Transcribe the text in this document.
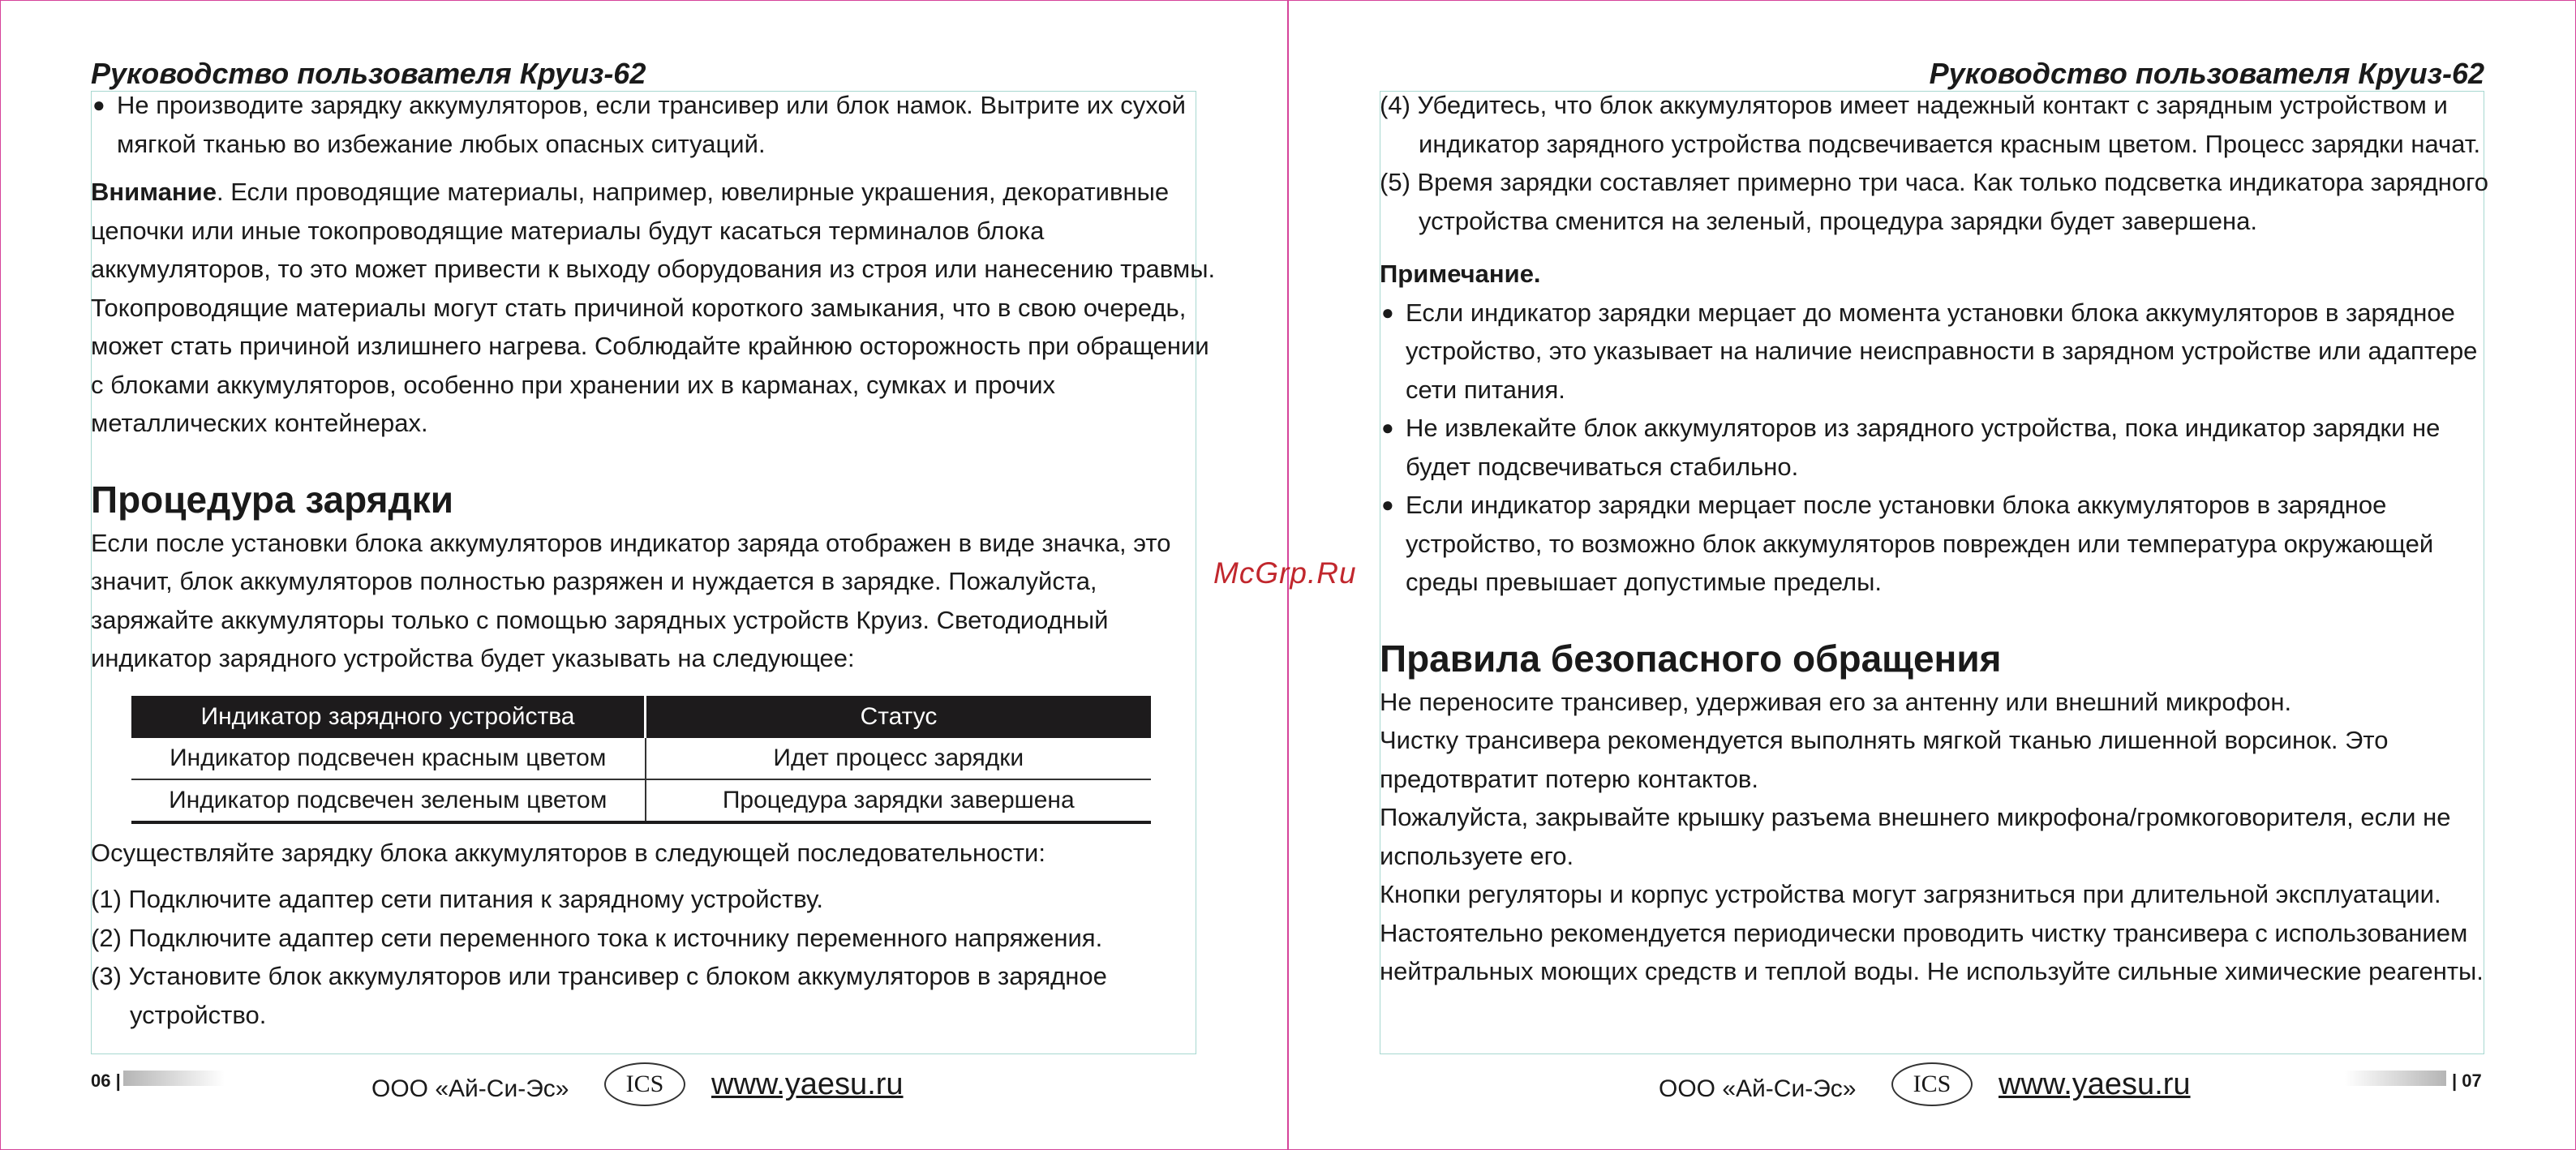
Руководство пользователя Круиз-62

● Не производите зарядку аккумуляторов, если трансивер или блок намок. Вытрите их сухой мягкой тканью во избежание любых опасных ситуаций.

Внимание. Если проводящие материалы, например, ювелирные украшения, декоративные цепочки или иные токопроводящие материалы будут касаться терминалов блока аккумуляторов, то это может привести к выходу оборудования из строя или нанесению травмы. Токопроводящие материалы могут стать причиной короткого замыкания, что в свою очередь, может стать причиной излишнего нагрева. Соблюдайте крайнюю осторожность при обращении с блоками аккумуляторов, особенно при хранении их в карманах, сумках и прочих металлических контейнерах.

Процедура зарядки

Если после установки блока аккумуляторов индикатор заряда отображен в виде значка, это значит, блок аккумуляторов полностью разряжен и нуждается в зарядке. Пожалуйста, заряжайте аккумуляторы только с помощью зарядных устройств Круиз. Светодиодный индикатор зарядного устройства будет указывать на следующее:

Индикатор зарядного устройства	Статус
Индикатор подсвечен красным цветом	Идет процесс зарядки
Индикатор подсвечен зеленым цветом	Процедура зарядки завершена

Осуществляйте зарядку блока аккумуляторов в следующей последовательности:

(1) Подключите адаптер сети питания к зарядному устройству.

(2) Подключите адаптер сети переменного тока к источнику переменного напряжения.

(3) Установите блок аккумуляторов или трансивер с блоком аккумуляторов в зарядное устройство.

06 |	ООО «Ай-Си-Эс»	ICS	www.yaesu.ru
Руководство пользователя Круиз-62

(4) Убедитесь, что блок аккумуляторов имеет надежный контакт с зарядным устройством и индикатор зарядного устройства подсвечивается красным цветом. Процесс зарядки начат.

(5) Время зарядки составляет примерно три часа. Как только подсветка индикатора зарядного устройства сменится на зеленый, процедура зарядки будет завершена.

Примечание.

● Если индикатор зарядки мерцает до момента установки блока аккумуляторов в зарядное устройство, это указывает на наличие неисправности в зарядном устройстве или адаптере сети питания.

● Не извлекайте блок аккумуляторов из зарядного устройства, пока индикатор зарядки не будет подсвечиваться стабильно.

● Если индикатор зарядки мерцает после установки блока аккумуляторов в зарядное устройство, то возможно блок аккумуляторов поврежден или температура окружающей среды превышает допустимые пределы.

Правила безопасного обращения

Не переносите трансивер, удерживая его за антенну или внешний микрофон.

Чистку трансивера рекомендуется выполнять мягкой тканью лишенной ворсинок. Это предотвратит потерю контактов.

Пожалуйста, закрывайте крышку разъема внешнего микрофона/громкоговорителя, если не используете его.

Кнопки регуляторы и корпус устройства могут загрязниться при длительной эксплуатации. Настоятельно рекомендуется периодически проводить чистку трансивера с использованием нейтральных моющих средств и теплой воды. Не используйте сильные химические реагенты.

ООО «Ай-Си-Эс»	ICS	www.yaesu.ru	| 07
McGrp.Ru
